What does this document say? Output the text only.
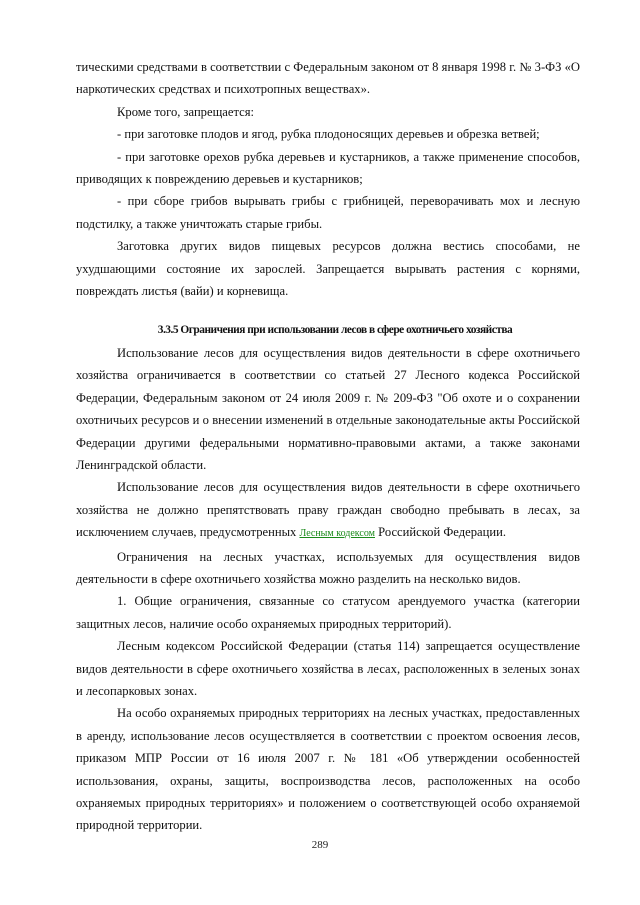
тическими средствами в соответствии с Федеральным законом от 8 января 1998 г. № 3-ФЗ «О наркотических средствах и психотропных веществах».

Кроме того, запрещается:

- при заготовке плодов и ягод, рубка плодоносящих деревьев и обрезка ветвей;

- при заготовке орехов рубка деревьев и кустарников, а также применение способов, приводящих к повреждению деревьев и кустарников;

- при сборе грибов вырывать грибы с грибницей, переворачивать мох и лесную подстилку, а также уничтожать старые грибы.

Заготовка других видов пищевых ресурсов должна вестись способами, не ухудшающими состояние их зарослей. Запрещается вырывать растения с корнями, повреждать листья (вайи) и корневища.

3.3.5 Ограничения при использовании лесов в сфере охотничьего хозяйства

Использование лесов для осуществления видов деятельности в сфере охотничьего хозяйства ограничивается в соответствии со статьей 27 Лесного кодекса Российской Федерации, Федеральным законом от 24 июля 2009 г. № 209-ФЗ "Об охоте и о сохранении охотничьих ресурсов и о внесении изменений в отдельные законодательные акты Российской Федерации другими федеральными нормативно-правовыми актами, а также законами Ленинградской области.

Использование лесов для осуществления видов деятельности в сфере охотничьего хозяйства не должно препятствовать праву граждан свободно пребывать в лесах, за исключением случаев, предусмотренных Лесным кодексом Российской Федерации.

Ограничения на лесных участках, используемых для осуществления видов деятельности в сфере охотничьего хозяйства можно разделить на несколько видов.

1. Общие ограничения, связанные со статусом арендуемого участка (категории защитных лесов, наличие особо охраняемых природных территорий).

Лесным кодексом Российской Федерации (статья 114) запрещается осуществление видов деятельности в сфере охотничьего хозяйства в лесах, расположенных в зеленых зонах и лесопарковых зонах.

На особо охраняемых природных территориях на лесных участках, предоставленных в аренду, использование лесов осуществляется в соответствии с проектом освоения лесов, приказом МПР России от 16 июля 2007 г. № 181 «Об утверждении особенностей использования, охраны, защиты, воспроизводства лесов, расположенных на особо охраняемых природных территориях» и положением о соответствующей особо охраняемой природной территории.

289
